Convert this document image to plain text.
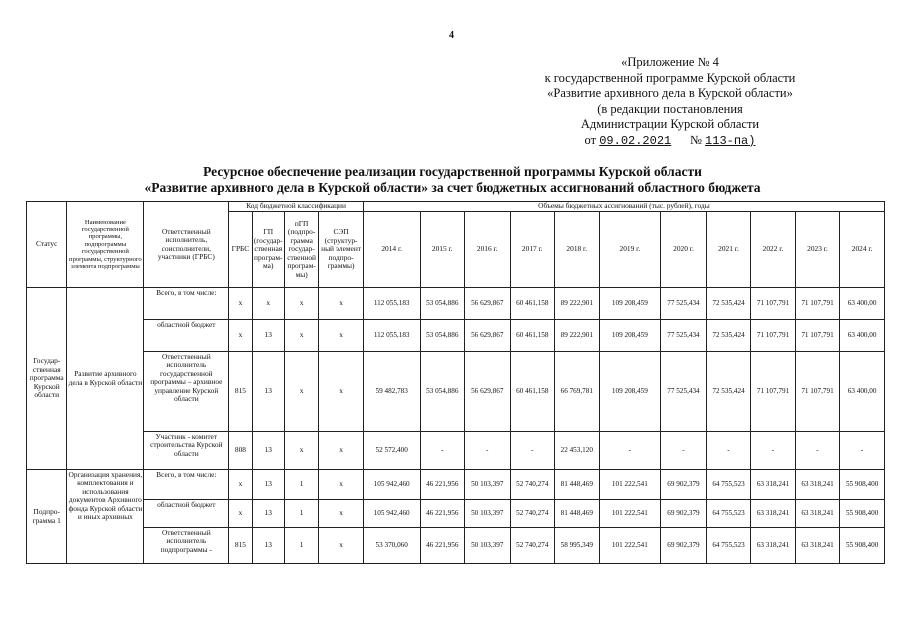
4
«Приложение № 4
к государственной программе Курской области
«Развитие архивного дела в Курской области»
(в редакции постановления
Администрации Курской области
от 09.02.2021 № 113-па)
Ресурсное обеспечение реализации государственной программы Курской области
«Развитие архивного дела в Курской области» за счет бюджетных ассигнований областного бюджета
Статус	Наименование государственной программы, подпрограммы государственной программы, структурного элемента подпрограммы	Ответственный исполнитель, соисполнители, участники (ГРБС)	Код бюджетной классификации				Объемы бюджетных ассигнований (тыс. рублей), годы										
			ГРБС	ГП (государ-ственная програм-ма)	пГП (подпро-грамма государ-ственной програм-мы)	СЭП (структур-ный элемент подпро-граммы)	2014 г.	2015 г.	2016 г.	2017 г.	2018 г.	2019 г.	2020 г.	2021 г.	2022 г.	2023 г.	2024 г.
Государ-ственная программа Курской области	Развитие архивного дела в Курской области	Всего, в том числе:	х	х	х	х	112 055,183	53 054,886	56 629,867	60 461,158	89 222,901	109 208,459	77 525,434	72 535,424	71 107,791	71 107,791	63 400,00
		областной бюджет	х	13	х	х	112 055,183	53 054,886	56 629,867	60 461,158	89 222,901	109 208,459	77 525,434	72 535,424	71 107,791	71 107,791	63 400,00
		Ответственный исполнитель государственной программы – архивное управление Курской области	815	13	х	х	59 482,783	53 054,886	56 629,867	60 461,158	66 769,781	109 208,459	77 525,434	72 535,424	71 107,791	71 107,791	63 400,00
		Участник - комитет строительства Курской области	808	13	х	х	52 572,400	-	-	-	22 453,120	-	-	-	-	-	-
Подпро-грамма 1	Организация хранения, комплектования и использования документов Архивного фонда Курской области и иных архивных	Всего, в том числе:	х	13	1	х	105 942,460	46 221,956	50 103,397	52 740,274	81 448,469	101 222,541	69 902,379	64 755,523	63 318,241	63 318,241	55 908,400
		областной бюджет	х	13	1	х	105 942,460	46 221,956	50 103,397	52 740,274	81 448,469	101 222,541	69 902,379	64 755,523	63 318,241	63 318,241	55 908,400
		Ответственный исполнитель подпрограммы -	815	13	1	х	53 370,060	46 221,956	50 103,397	52 740,274	58 995,349	101 222,541	69 902,379	64 755,523	63 318,241	63 318,241	55 908,400
